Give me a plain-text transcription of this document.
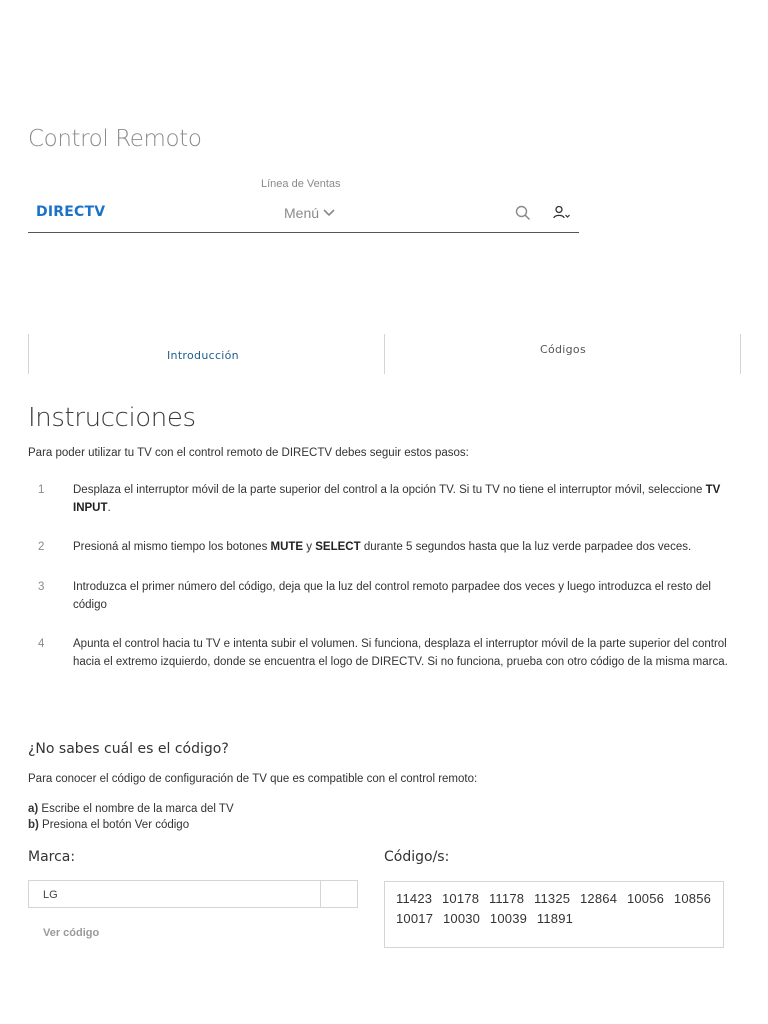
Control Remoto
Línea de Ventas
DIRECTV	Menú
Introducción	Códigos
Instrucciones
Para poder utilizar tu TV con el control remoto de DIRECTV debes seguir estos pasos:
1	Desplaza el interruptor móvil de la parte superior del control a la opción TV. Si tu TV no tiene el interruptor móvil, seleccione TV INPUT.
2	Presioná al mismo tiempo los botones MUTE y SELECT durante 5 segundos hasta que la luz verde parpadee dos veces.
3	Introduzca el primer número del código, deja que la luz del control remoto parpadee dos veces y luego introduzca el resto del código
4	Apunta el control hacia tu TV e intenta subir el volumen. Si funciona, desplaza el interruptor móvil de la parte superior del control hacia el extremo izquierdo, donde se encuentra el logo de DIRECTV. Si no funciona, prueba con otro código de la misma marca.
¿No sabes cuál es el código?
Para conocer el código de configuración de TV que es compatible con el control remoto:
a) Escribe el nombre de la marca del TV
b) Presiona el botón Ver código
Marca:	Código/s:
LG
Ver código
11423 10178 11178 11325 12864 10056 10856 10017 10030 10039 11891
